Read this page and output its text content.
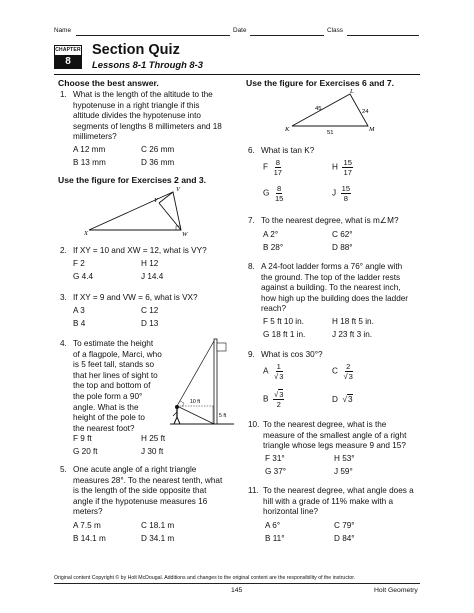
Name	Date	Class
CHAPTER
8
Section Quiz
Lessons 8-1 Through 8-3
Choose the best answer.
1. What is the length of the altitude to the
hypotenuse in a right triangle if this
altitude divides the hypotenuse into
segments of lengths 8 millimeters and 18
millimeters?
A 12 mm	C 26 mm
B 13 mm	D 36 mm
Use the figure for Exercises 2 and 3.
V
X
Y
W
2. If XY = 10 and XW = 12, what is VY?
F 2	H 12
G 4.4	J 14.4
3. If XY = 9 and VW = 6, what is VX?
A 3	C 12
B 4	D 13
4. To estimate the height
of a flagpole, Marci, who
is 5 feet tall, stands so
that her lines of sight to
the top and bottom of
the pole form a 90°
angle. What is the
height of the pole to
the nearest foot?
10 ft
5 ft
F 9 ft	H 25 ft
G 20 ft	J 30 ft
5. One acute angle of a right triangle
measures 28°. To the nearest tenth, what
is the length of the side opposite that
angle if the hypotenuse measures 16
meters?
A 7.5 m	C 18.1 m
B 14.1 m	D 34.1 m
Use the figure for Exercises 6 and 7.
L
K	M
45	24
51
6. What is tan K?
F $\frac{8}{17}$	H $\frac{15}{17}$
G $\frac{8}{15}$	J $\frac{15}{8}$
7. To the nearest degree, what is m∠M?
A 2°	C 62°
B 28°	D 88°
8. A 24-foot ladder forms a 76° angle with
the ground. The top of the ladder rests
against a building. To the nearest inch,
how high up the building does the ladder
reach?
F 5 ft 10 in.	H 18 ft 5 in.
G 18 ft 1 in.	J 23 ft 3 in.
9. What is cos 30°?
A $\frac{1}{√3}$	C $\frac{2}{√3}$
B $\frac{√3}{2}$	D √3
10. To the nearest degree, what is the
measure of the smallest angle of a right
triangle whose legs measure 9 and 15?
F 31°	H 53°
G 37°	J 59°
11. To the nearest degree, what angle does a
hill with a grade of 11% make with a
horizontal line?
A 6°	C 79°
B 11°	D 84°
Original content Copyright © by Holt McDougal. Additions and changes to the original content are the responsibility of the instructor.
145	Holt Geometry
